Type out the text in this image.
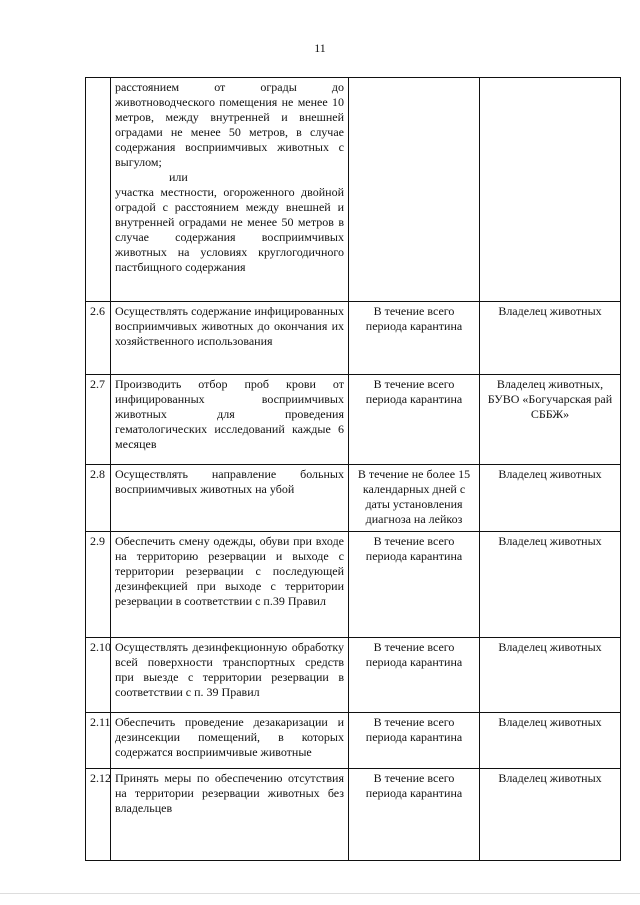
11
	расстоянием от ограды до животноводческого помещения не менее 10 метров, между внутренней и внешней оградами не менее 50 метров, в случае содержания восприимчивых животных с выгулом;
или
участка местности, огороженного двойной оградой с расстоянием между внешней и внутренней оградами не менее 50 метров в случае содержания восприимчивых животных на условиях круглогодичного пастбищного содержания		
2.6	Осуществлять содержание инфицированных восприимчивых животных до окончания их хозяйственного использования	В течение всего периода карантина	Владелец животных
2.7	Производить отбор проб крови от инфицированных восприимчивых животных для проведения гематологических исследований каждые 6 месяцев	В течение всего периода карантина	Владелец животных, БУВО «Богучарская рай СББЖ»
2.8	Осуществлять направление больных восприимчивых животных на убой	В течение не более 15 календарных дней с даты установления диагноза на лейкоз	Владелец животных
2.9	Обеспечить смену одежды, обуви при входе на территорию резервации и выходе с территории резервации с последующей дезинфекцией при выходе с территории резервации в соответствии с п.39 Правил	В течение всего периода карантина	Владелец животных
2.10	Осуществлять дезинфекционную обработку всей поверхности транспортных средств при выезде с территории резервации в соответствии с п. 39 Правил	В течение всего периода карантина	Владелец животных
2.11	Обеспечить проведение дезакаризации и дезинсекции помещений, в которых содержатся восприимчивые животные	В течение всего периода карантина	Владелец животных
2.12	Принять меры по обеспечению отсутствия на территории резервации животных без владельцев	В течение всего периода карантина	Владелец животных
